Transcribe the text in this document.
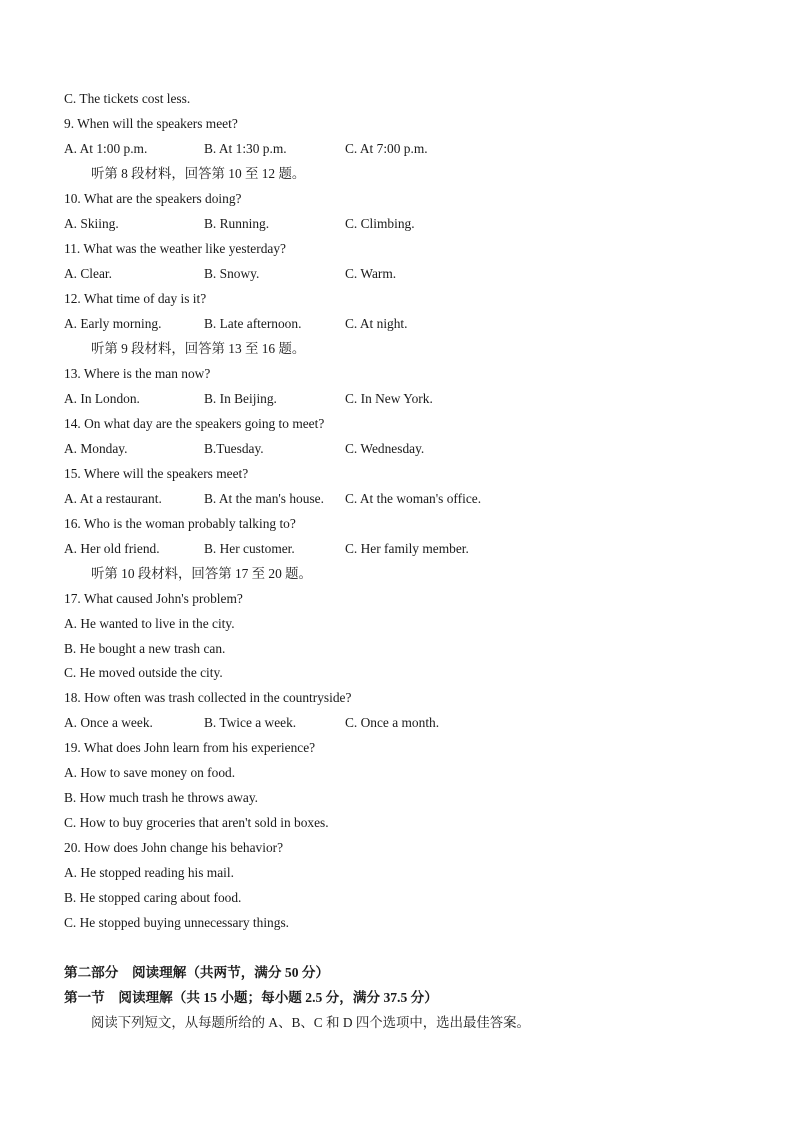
C. The tickets cost less.
9. When will the speakers meet?
A. At 1:00 p.m.	B. At 1:30 p.m.	C. At 7:00 p.m.
听第 8 段材料，回答第 10 至 12 题。
10. What are the speakers doing?
A. Skiing.	B. Running.	C. Climbing.
11. What was the weather like yesterday?
A. Clear.	B. Snowy.	C. Warm.
12. What time of day is it?
A. Early morning.	B. Late afternoon.	C. At night.
听第 9 段材料，回答第 13 至 16 题。
13. Where is the man now?
A. In London.	B. In Beijing.	C. In New York.
14. On what day are the speakers going to meet?
A. Monday.	B.Tuesday.	C. Wednesday.
15. Where will the speakers meet?
A. At a restaurant.	B. At the man's house. C. At the woman's office.
16. Who is the woman probably talking to?
A. Her old friend.	B. Her customer.	C. Her family member.
听第 10 段材料，回答第 17 至 20 题。
17. What caused John's problem?
A. He wanted to live in the city.
B. He bought a new trash can.
C. He moved outside the city.
18. How often was trash collected in the countryside?
A. Once a week.	B. Twice a week.	C. Once a month.
19. What does John learn from his experience?
A. How to save money on food.
B. How much trash he throws away.
C. How to buy groceries that aren't sold in boxes.
20. How does John change his behavior?
A. He stopped reading his mail.
B. He stopped caring about food.
C. He stopped buying unnecessary things.
第二部分　阅读理解（共两节，满分 50 分）
第一节　阅读理解（共 15 小题；每小题 2.5 分，满分 37.5 分）
阅读下列短文，从每题所给的 A、B、C 和 D 四个选项中，选出最佳答案。
